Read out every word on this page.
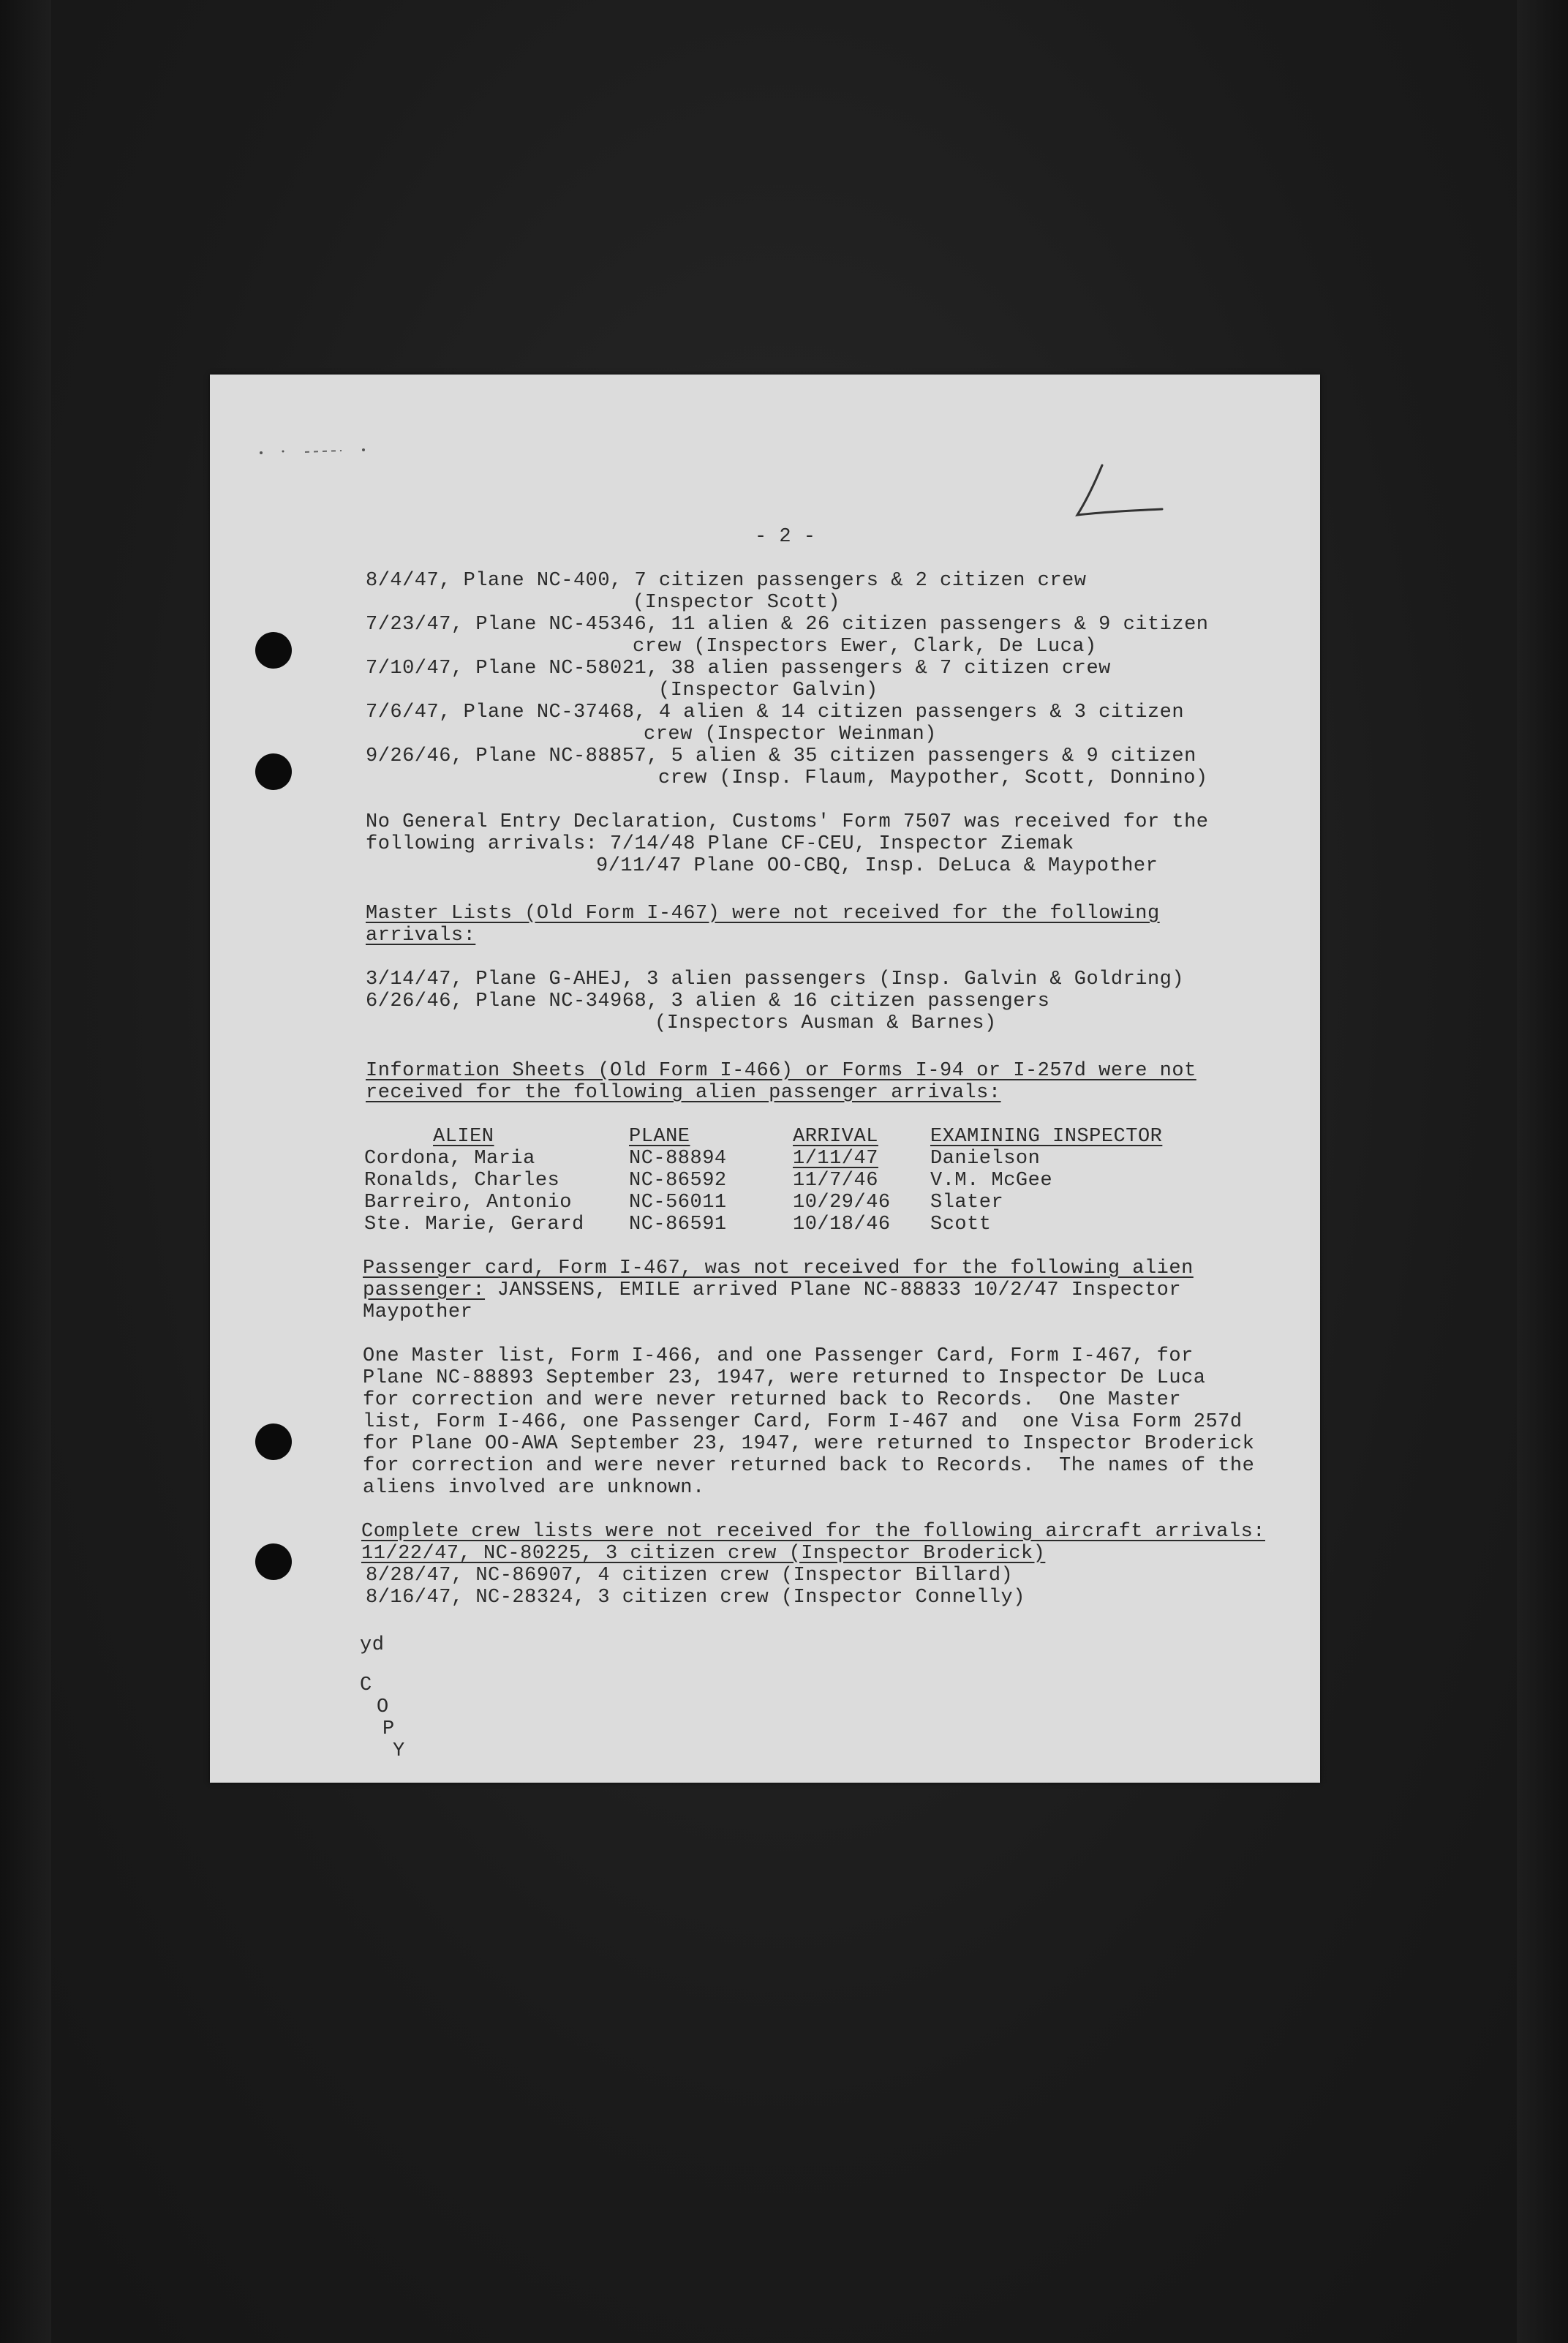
- 2 -
8/4/47, Plane NC-400, 7 citizen passengers & 2 citizen crew
(Inspector Scott)
7/23/47, Plane NC-45346, 11 alien & 26 citizen passengers & 9 citizen
crew (Inspectors Ewer, Clark, De Luca)
7/10/47, Plane NC-58021, 38 alien passengers & 7 citizen crew
(Inspector Galvin)
7/6/47, Plane NC-37468, 4 alien & 14 citizen passengers & 3 citizen
crew (Inspector Weinman)
9/26/46, Plane NC-88857, 5 alien & 35 citizen passengers & 9 citizen
crew (Insp. Flaum, Maypother, Scott, Donnino)
No General Entry Declaration, Customs' Form 7507 was received for the
following arrivals: 7/14/48 Plane CF-CEU, Inspector Ziemak
9/11/47 Plane OO-CBQ, Insp. DeLuca & Maypother
Master Lists (Old Form I-467) were not received for the following
arrivals:
3/14/47, Plane G-AHEJ, 3 alien passengers (Insp. Galvin & Goldring)
6/26/46, Plane NC-34968, 3 alien & 16 citizen passengers
(Inspectors Ausman & Barnes)
Information Sheets (Old Form I-466) or Forms I-94 or I-257d were not
received for the following alien passenger arrivals:
ALIEN	PLANE	ARRIVAL	EXAMINING INSPECTOR
Cordona, Maria	NC-88894	1/11/47	Danielson
Ronalds, Charles	NC-86592	11/7/46	V.M. McGee
Barreiro, Antonio	NC-56011	10/29/46 Slater
Ste. Marie, Gerard NC-86591	10/18/46 Scott
Passenger card, Form I-467, was not received for the following alien
passenger: JANSSENS, EMILE arrived Plane NC-88833 10/2/47 Inspector
Maypother
One Master list, Form I-466, and one Passenger Card, Form I-467, for
Plane NC-88893 September 23, 1947, were returned to Inspector De Luca
for correction and were never returned back to Records.  One Master
list, Form I-466, one Passenger Card, Form I-467 and  one Visa Form 257d
for Plane OO-AWA September 23, 1947, were returned to Inspector Broderick
for correction and were never returned back to Records.  The names of the
aliens involved are unknown.
Complete crew lists were not received for the following aircraft arrivals:
11/22/47, NC-80225, 3 citizen crew (Inspector Broderick)
8/28/47, NC-86907, 4 citizen crew (Inspector Billard)
8/16/47, NC-28324, 3 citizen crew (Inspector Connelly)
yd
C
O
P
Y
